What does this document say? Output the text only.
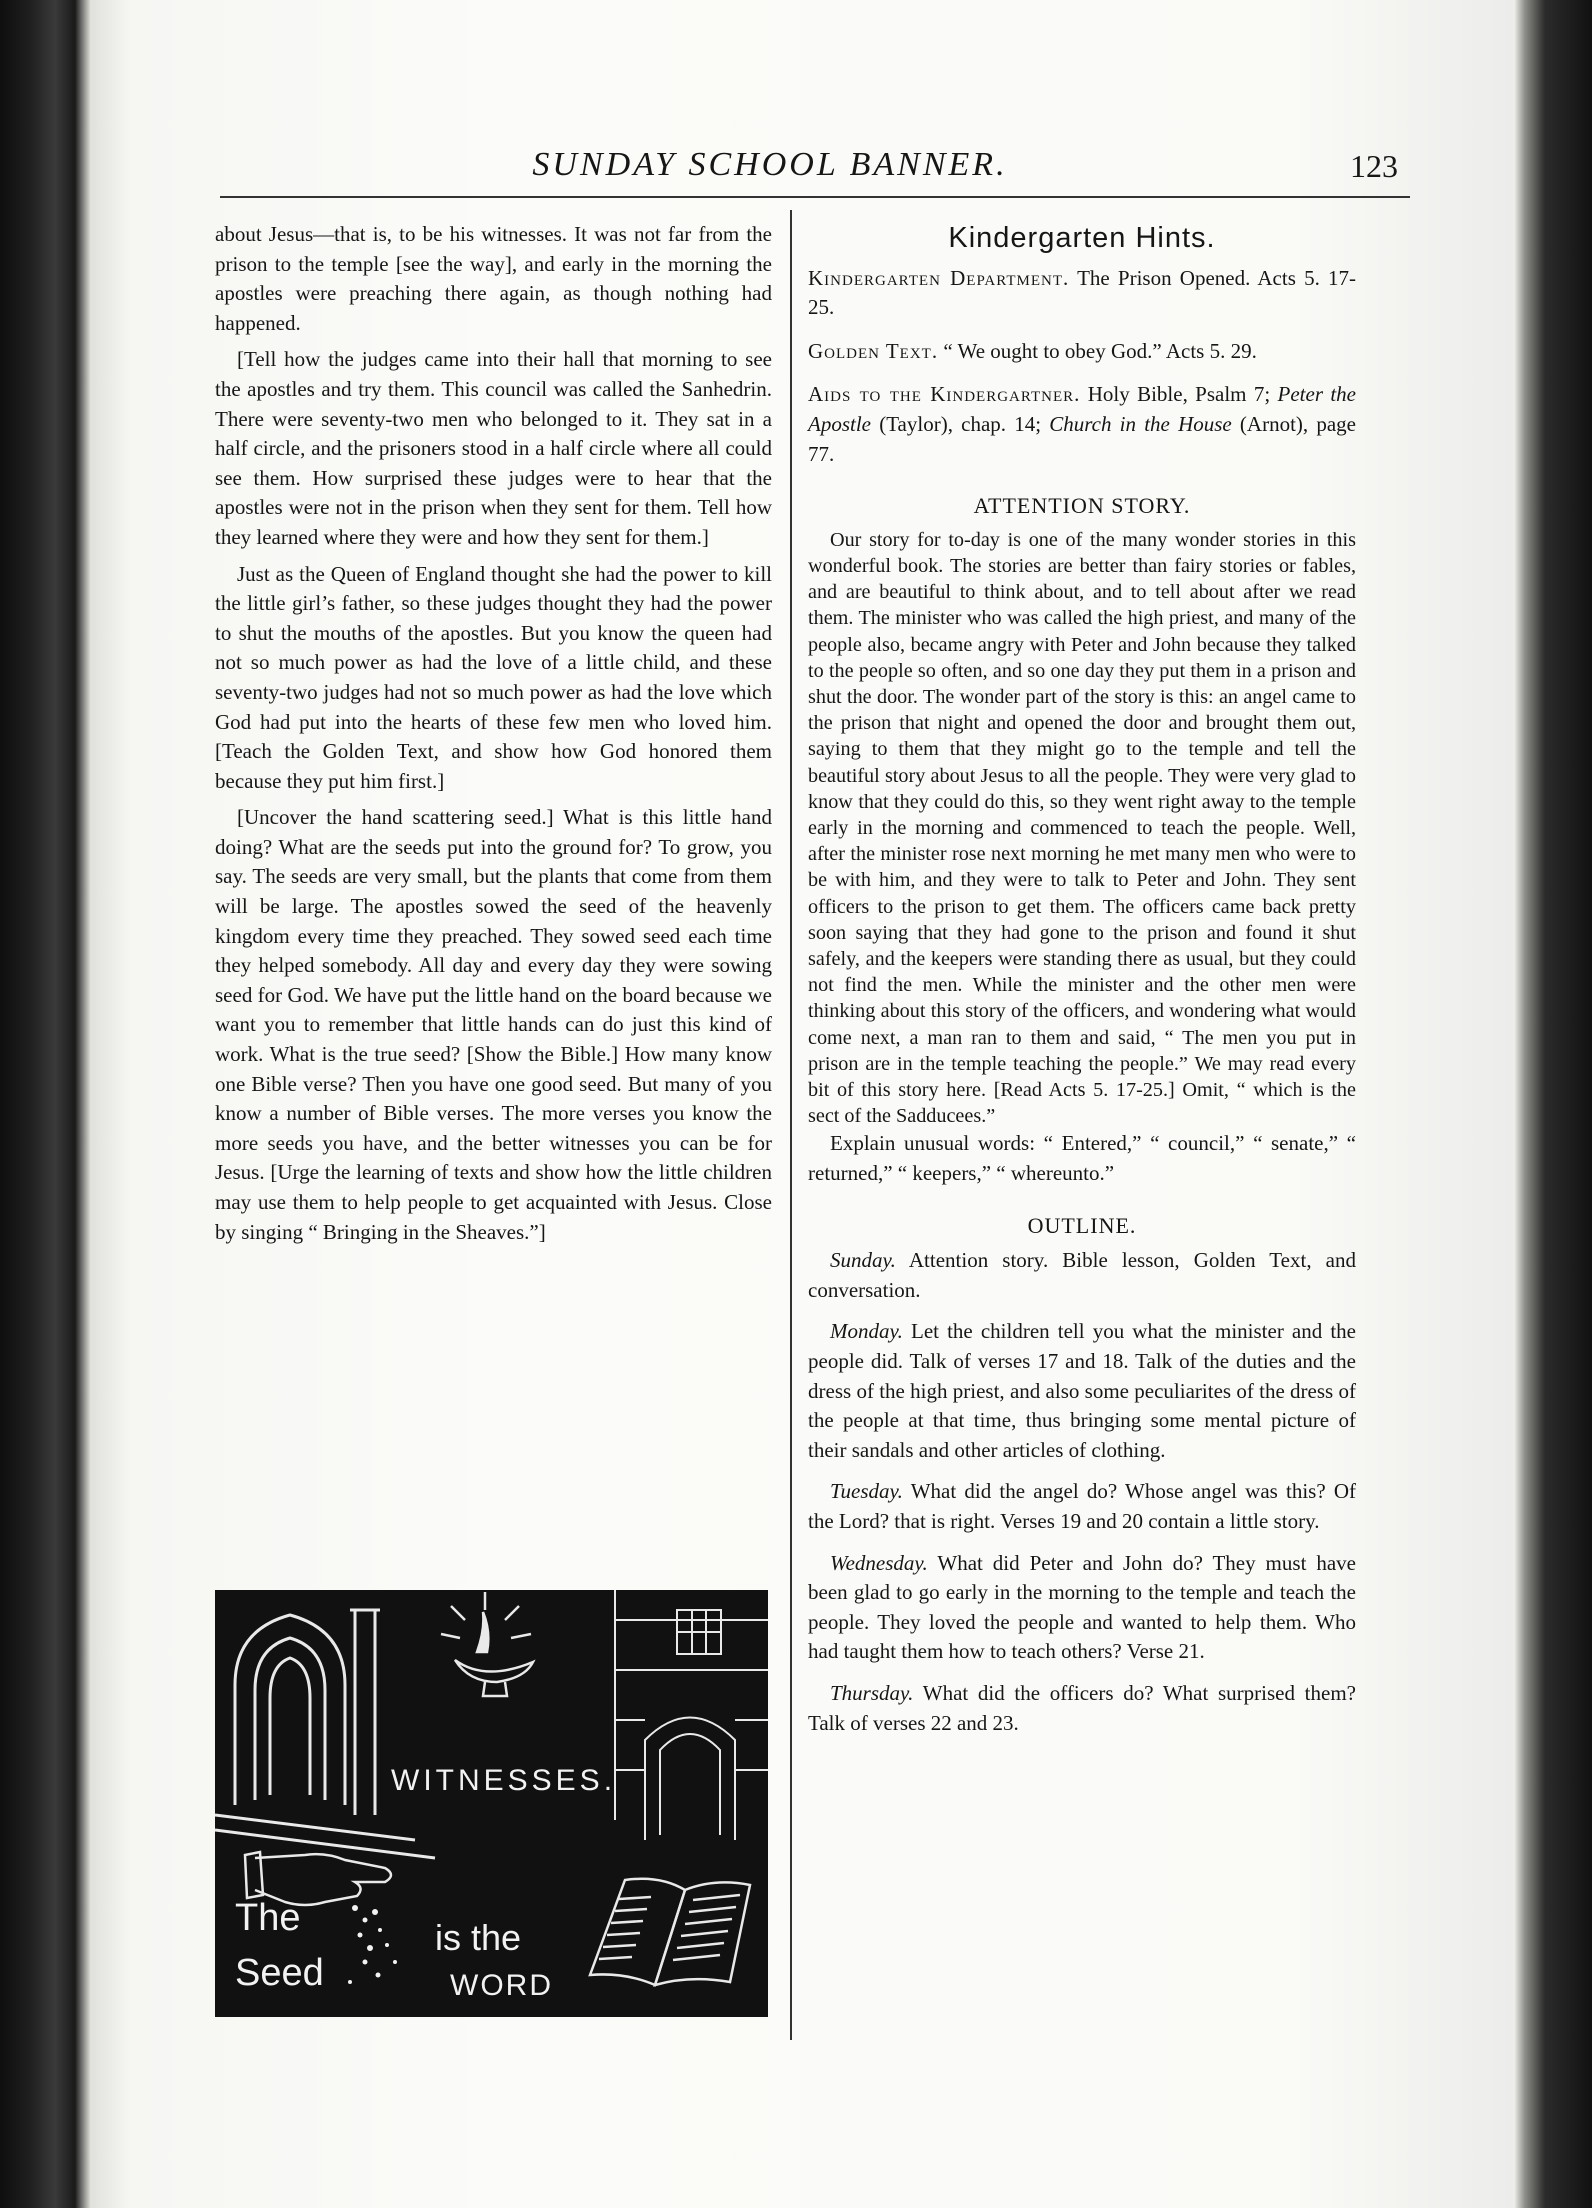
SUNDAY SCHOOL BANNER.	123

about Jesus—that is, to be his witnesses. It was not far from the prison to the temple [see the way], and early in the morning the apostles were preaching there again, as though nothing had happened.

[Tell how the judges came into their hall that morning to see the apostles and try them. This council was called the Sanhedrin. There were seventy-two men who belonged to it. They sat in a half circle, and the prisoners stood in a half circle where all could see them. How surprised these judges were to hear that the apostles were not in the prison when they sent for them. Tell how they learned where they were and how they sent for them.]

Just as the Queen of England thought she had the power to kill the little girl’s father, so these judges thought they had the power to shut the mouths of the apostles. But you know the queen had not so much power as had the love of a little child, and these seventy-two judges had not so much power as had the love which God had put into the hearts of these few men who loved him. [Teach the Golden Text, and show how God honored them because they put him first.]

[Uncover the hand scattering seed.] What is this little hand doing? What are the seeds put into the ground for? To grow, you say. The seeds are very small, but the plants that come from them will be large. The apostles sowed the seed of the heavenly kingdom every time they preached. They sowed seed each time they helped somebody. All day and every day they were sowing seed for God. We have put the little hand on the board because we want you to remember that little hands can do just this kind of work. What is the true seed? [Show the Bible.] How many know one Bible verse? Then you have one good seed. But many of you know a number of Bible verses. The more verses you know the more seeds you have, and the better witnesses you can be for Jesus. [Urge the learning of texts and show how the little children may use them to help people to get acquainted with Jesus. Close by singing “ Bringing in the Sheaves.”]

WITNESSES.
The
Seed
is the
WORD
Kindergarten Hints.

Kindergarten Department. The Prison Opened. Acts 5. 17-25.

Golden Text. “ We ought to obey God.” Acts 5. 29.

Aids to the Kindergartner. Holy Bible, Psalm 7; Peter the Apostle (Taylor), chap. 14; Church in the House (Arnot), page 77.

ATTENTION STORY.

Our story for to-day is one of the many wonder stories in this wonderful book. The stories are better than fairy stories or fables, and are beautiful to think about, and to tell about after we read them. The minister who was called the high priest, and many of the people also, became angry with Peter and John because they talked to the people so often, and so one day they put them in a prison and shut the door. The wonder part of the story is this: an angel came to the prison that night and opened the door and brought them out, saying to them that they might go to the temple and tell the beautiful story about Jesus to all the people. They were very glad to know that they could do this, so they went right away to the temple early in the morning and commenced to teach the people. Well, after the minister rose next morning he met many men who were to be with him, and they were to talk to Peter and John. They sent officers to the prison to get them. The officers came back pretty soon saying that they had gone to the prison and found it shut safely, and the keepers were standing there as usual, but they could not find the men. While the minister and the other men were thinking about this story of the officers, and wondering what would come next, a man ran to them and said, “ The men you put in prison are in the temple teaching the people.” We may read every bit of this story here. [Read Acts 5. 17-25.] Omit, “ which is the sect of the Sadducees.”

Explain unusual words: “ Entered,” “ council,” “ senate,” “ returned,” “ keepers,” “ whereunto.”

OUTLINE.

Sunday. Attention story. Bible lesson, Golden Text, and conversation.

Monday. Let the children tell you what the minister and the people did. Talk of verses 17 and 18. Talk of the duties and the dress of the high priest, and also some peculiarites of the dress of the people at that time, thus bringing some mental picture of their sandals and other articles of clothing.

Tuesday. What did the angel do? Whose angel was this? Of the Lord? that is right. Verses 19 and 20 contain a little story.

Wednesday. What did Peter and John do? They must have been glad to go early in the morning to the temple and teach the people. They loved the people and wanted to help them. Who had taught them how to teach others? Verse 21.

Thursday. What did the officers do? What surprised them? Talk of verses 22 and 23.
